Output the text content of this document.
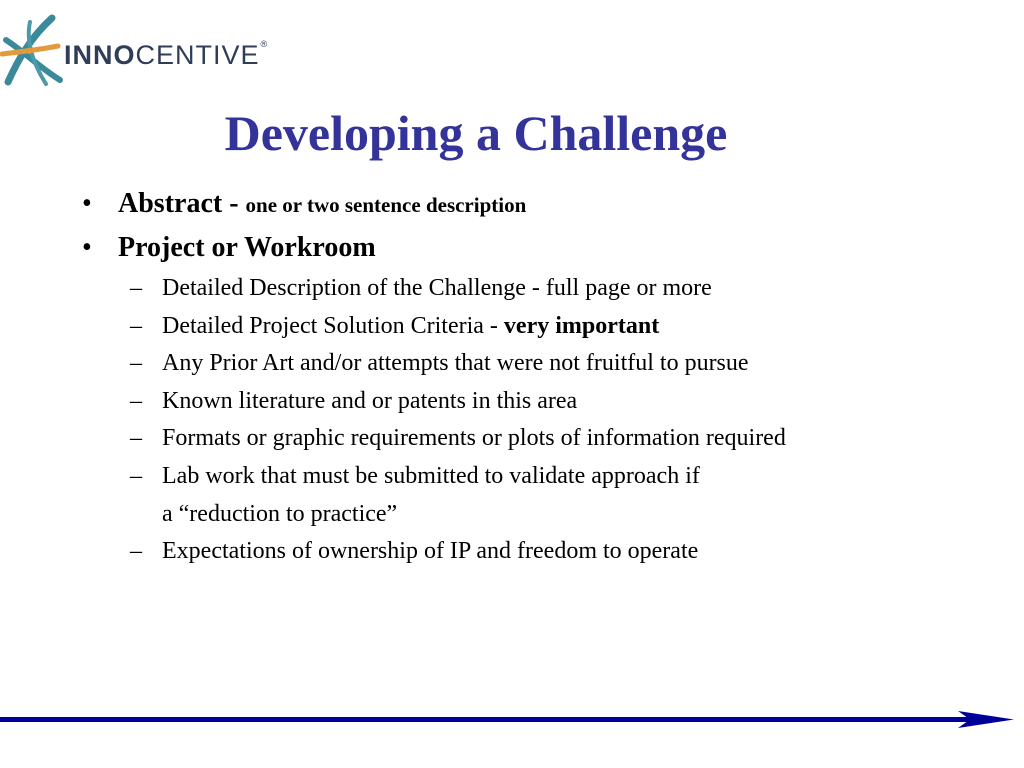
INNOCENTIVE®
Developing a Challenge
• Abstract - one or two sentence description
• Project or Workroom
– Detailed Description of the Challenge - full page or more
– Detailed Project Solution Criteria - very important
– Any Prior Art and/or attempts that were not fruitful to pursue
– Known literature and or patents in this area
– Formats or graphic requirements or plots of information required
– Lab work that must be submitted to validate approach if
a “reduction to practice”
– Expectations of ownership of IP and freedom to operate
